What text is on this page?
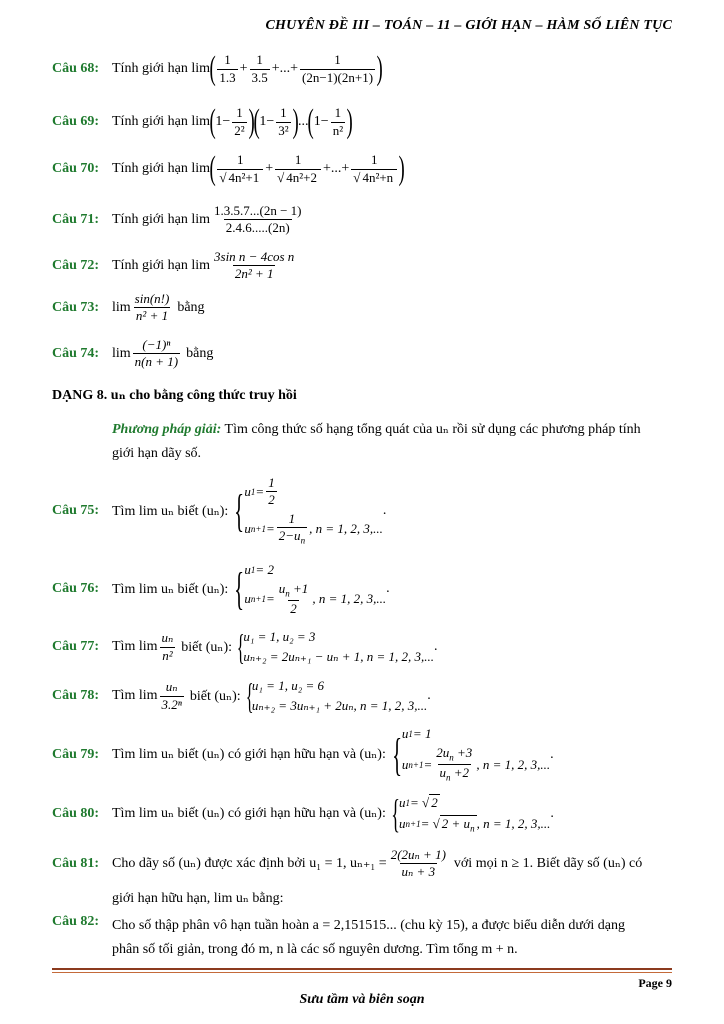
CHUYÊN ĐỀ III – TOÁN – 11 – GIỚI HẠN – HÀM SỐ LIÊN TỤC
Câu 68: Tính giới hạn lim ( $\frac{1}{1.3} + \frac{1}{3.5}$ +...+ $\frac{1}{(2n-1)(2n+1)}$ )
Câu 69: Tính giới hạn lim ( $1- \frac{1}{\text{2²}}$ ) ( $1- \frac{1}{\text{3²}}$ ) ... ( $1- \frac{1}{\text{n²}}$ )
Câu 70: Tính giới hạn lim ( $\frac{1}{\text{√ 4n²+1}} + \frac{1}{\text{√ 4n²+2}}$ +...+ $\frac{1}{\text{√ 4n²+n}}$ )
Câu 71: Tính giới hạn $\lim \frac{1.3.5.7...(2n - 1)}{2.4.6.....(2n)}$
Câu 72: Tính giới hạn $\lim \frac{\text{3sin n − 4cos n}}{\text{2n² + 1}}$
Câu 73: $\lim \frac{\sin(n!)}{\text{n² + 1}}$ bằng
Câu 74: $\lim \frac{\text{(−1)ⁿ}}{n(n + 1)}$ bằng
DẠNG 8. uₙ cho bằng công thức truy hồi
Phương pháp giải: Tìm công thức số hạng tổng quát của uₙ rồi sử dụng các phương pháp tính
giới hạn dãy số.
Câu 75: Tìm lim uₙ biết (uₙ): { u $1 = \frac{1}{2}$
u $n+1 = \frac{1}{2-u_n}$ , n = 1, 2, 3,...
.
Câu 76: Tìm lim uₙ biết (uₙ): { u 1 = 2
u $n+1 = \frac{u_n +1}{2}$ , n = 1, 2, 3,...
.
Câu 77: Tìm $\lim \frac{\text{uₙ}}{\text{n²}}$ biết (uₙ): {
u₁ = 1, u₂ = 3
uₙ₊₂ = 2uₙ₊₁ − uₙ + 1, n = 1, 2, 3,...
.
Câu 78: Tìm $\lim \frac{\text{uₙ}}{\text{3.2ⁿ}}$ biết (uₙ): {
u₁ = 1, u₂ = 6
uₙ₊₂ = 3uₙ₊₁ + 2uₙ, n = 1, 2, 3,...
.
Câu 79: Tìm lim uₙ biết (uₙ) có giới hạn hữu hạn và (uₙ): { u 1 = 1
u $n+1 = \frac{2u_n +3}{u_n +2}$ , n = 1, 2, 3,...
.
Câu 80: Tìm lim uₙ biết (uₙ) có giới hạn hữu hạn và (uₙ): { u 1 = √ 2
u n+1 = √ $2 + u_n$ , n = 1, 2, 3,...
.
Câu 81: Cho dãy số (uₙ) được xác định bởi u₁ = 1, $u_{n+1} = \frac{\text{2(2uₙ + 1)}}{\text{uₙ + 3}}$ với mọi n ≥ 1. Biết dãy số (uₙ) có
giới hạn hữu hạn, lim uₙ bằng:
Câu 82: Cho số thập phân vô hạn tuần hoàn a = 2,151515... (chu kỳ 15), a được biểu diễn dưới dạng
phân số tối giản, trong đó m, n là các số nguyên dương. Tìm tổng m + n.
Page 9
Sưu tầm và biên soạn
